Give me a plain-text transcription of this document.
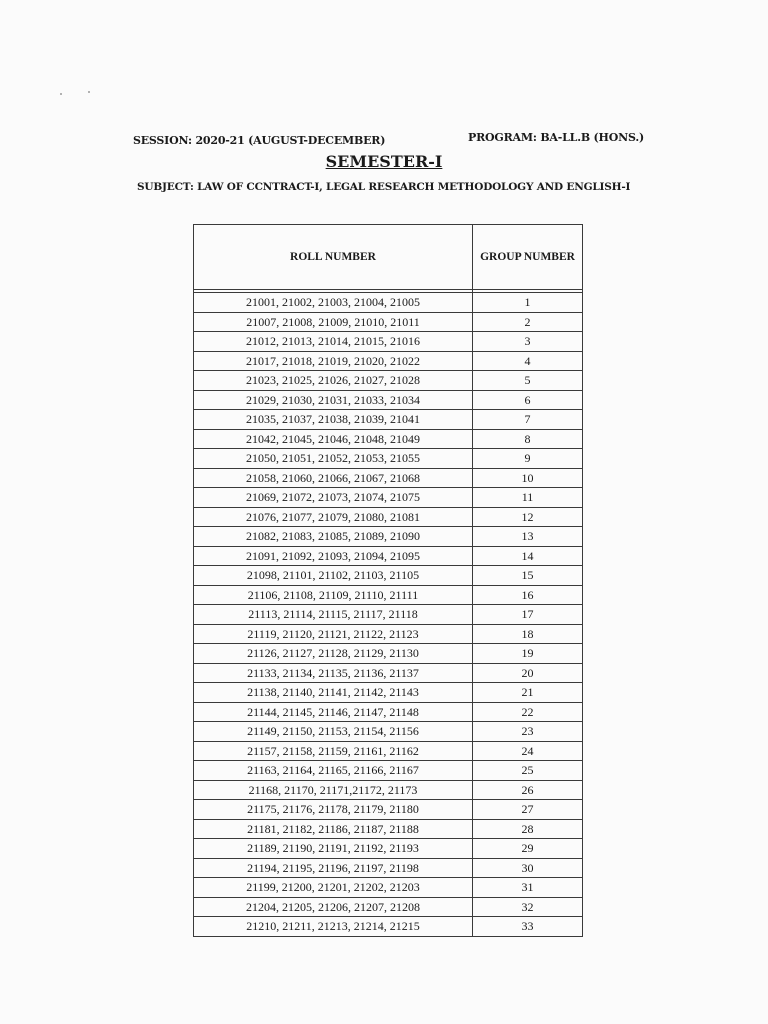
SESSION: 2020-21 (AUGUST-DECEMBER)	PROGRAM: BA-LL.B (HONS.)
SEMESTER-I
SUBJECT: LAW OF CCNTRACT-I, LEGAL RESEARCH METHODOLOGY AND ENGLISH-I
ROLL NUMBER	GROUP NUMBER

21001, 21002, 21003, 21004, 21005	1
21007, 21008, 21009, 21010, 21011	2
21012, 21013, 21014, 21015, 21016	3
21017, 21018, 21019, 21020, 21022	4
21023, 21025, 21026, 21027, 21028	5
21029, 21030, 21031, 21033, 21034	6
21035, 21037, 21038, 21039, 21041	7
21042, 21045, 21046, 21048, 21049	8
21050, 21051, 21052, 21053, 21055	9
21058, 21060, 21066, 21067, 21068	10
21069, 21072, 21073, 21074, 21075	11
21076, 21077, 21079, 21080, 21081	12
21082, 21083, 21085, 21089, 21090	13
21091, 21092, 21093, 21094, 21095	14
21098, 21101, 21102, 21103, 21105	15
21106, 21108, 21109, 21110, 21111	16
21113, 21114, 21115, 21117, 21118	17
21119, 21120, 21121, 21122, 21123	18
21126, 21127, 21128, 21129, 21130	19
21133, 21134, 21135, 21136, 21137	20
21138, 21140, 21141, 21142, 21143	21
21144, 21145, 21146, 21147, 21148	22
21149, 21150, 21153, 21154, 21156	23
21157, 21158, 21159, 21161, 21162	24
21163, 21164, 21165, 21166, 21167	25
21168, 21170, 21171,21172, 21173	26
21175, 21176, 21178, 21179, 21180	27
21181, 21182, 21186, 21187, 21188	28
21189, 21190, 21191, 21192, 21193	29
21194, 21195, 21196, 21197, 21198	30
21199, 21200, 21201, 21202, 21203	31
21204, 21205, 21206, 21207, 21208	32
21210, 21211, 21213, 21214, 21215	33
